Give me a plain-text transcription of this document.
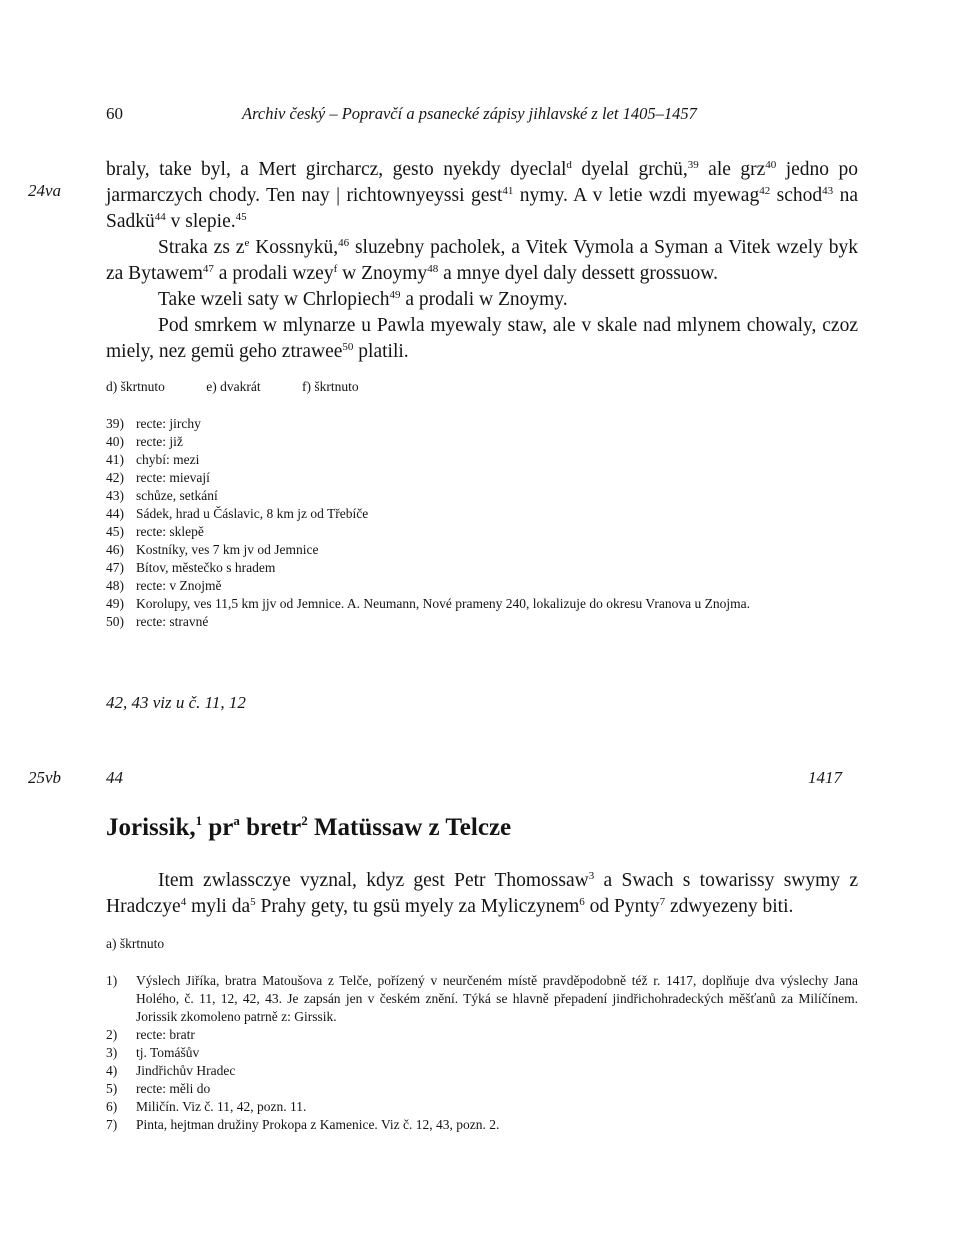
60	Archiv český – Popravčí a psanecké zápisy jihlavské z let 1405–1457
24va
25vb

braly, take byl, a Mert gircharcz, gesto nyekdy dyeclal$^d$ dyelal grchü,$^{39}$ ale grz$^{40}$ jedno po jarmarczych chody. Ten nay | richtownyeyssi gest$^{41}$ nymy. A v letie wzdi myewag$^{42}$ schod$^{43}$ na Sadkü$^{44}$ v slepie.$^{45}$

Straka zs $z^e$ Kossnykü,$^{46}$ sluzebny pacholek, a Vitek Vymola a Syman a Vitek wzely byk za Bytawem$^{47}$ a prodali wzey$^f$ w Znoymy$^{48}$ a mnye dyel daly dessett grossuow.

Take wzeli saty w Chrlopiech$^{49}$ a prodali w Znoymy.

Pod smrkem w mlynarze u Pawla myewaly staw, ale v skale nad mlynem chowaly, czoz miely, nez gemü geho ztrawee$^{50}$ platili.

d) škrtnuto	e) dvakrát	f) škrtnuto
39) recte: jirchy
40) recte: již
41) chybí: mezi
42) recte: mievají
43) schůze, setkání
44) Sádek, hrad u Čáslavic, 8 km jz od Třebíče
45) recte: sklepě
46) Kostníky, ves 7 km jv od Jemnice
47) Bítov, městečko s hradem
48) recte: v Znojmě
49) Korolupy, ves 11,5 km jjv od Jemnice. A. Neumann, Nové prameny 240, lokalizuje do okresu Vranova u Znojma.
50) recte: stravné
42, 43 viz u č. 11, 12
44	1417
Jorissik,$^1$ $pr^a$ bretr$^2$ Matüssaw z Telcze

Item zwlassczye vyznal, kdyz gest Petr Thomossaw$^3$ a Swach s towarissy swymy z Hradczye$^4$ myli $da^5$ Prahy gety, tu gsü myely za Myliczynem$^6$ od Pynty$^7$ zdwyezeny biti.

a) škrtnuto
1)	Výslech Jiříka, bratra Matoušova z Telče, pořízený v neurčeném místě pravděpodobně též r. 1417, doplňuje dva výslechy Jana Holého, č. 11, 12, 42, 43. Je zapsán jen v českém znění. Týká se hlavně přepadení jindřichohradeckých měšťanů za Milíčínem. Jorissik zkomoleno patrně z: Girssik.
2)	recte: bratr
3)	tj. Tomášův
4)	Jindřichův Hradec
5)	recte: měli do
6)	Miličín. Viz č. 11, 42, pozn. 11.
7)	Pinta, hejtman družiny Prokopa z Kamenice. Viz č. 12, 43, pozn. 2.
